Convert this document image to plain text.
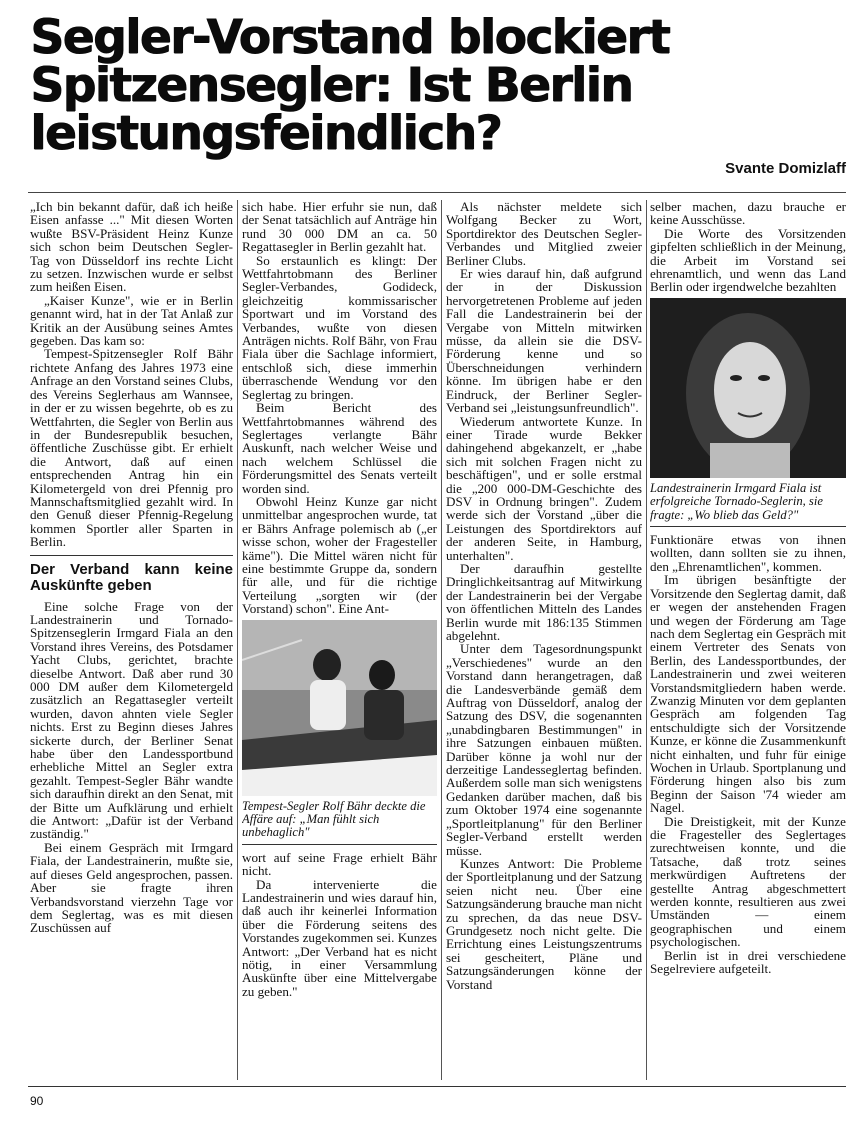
Segler-Vorstand blockiert
Spitzensegler: Ist Berlin
leistungsfeindlich?
Svante Domizlaff

„Ich bin bekannt dafür, daß ich heiße Eisen anfasse ..." Mit diesen Worten wußte BSV-Präsident Heinz Kunze sich schon beim Deutschen Segler-Tag von Düsseldorf ins rechte Licht zu setzen. Inzwischen wurde er selbst zum heißen Eisen.

„Kaiser Kunze", wie er in Berlin genannt wird, hat in der Tat Anlaß zur Kritik an der Ausübung seines Amtes gegeben. Das kam so:

Tempest-Spitzensegler Rolf Bähr richtete Anfang des Jahres 1973 eine Anfrage an den Vorstand seines Clubs, des Vereins Seglerhaus am Wannsee, in der er zu wissen begehrte, ob es zu Wettfahrten, die Segler von Berlin aus in der Bundesrepublik besuchen, öffentliche Zuschüsse gibt. Er erhielt die Antwort, daß auf einen entsprechenden Antrag hin ein Kilometergeld von drei Pfennig pro Mannschaftsmitglied gezahlt wird. In den Genuß dieser Pfennig-Regelung kommen Sportler aller Sparten in Berlin.

Der Verband kann keine Auskünfte geben

Eine solche Frage von der Landestrainerin und Tornado-Spitzenseglerin Irmgard Fiala an den Vorstand ihres Vereins, des Potsdamer Yacht Clubs, gerichtet, brachte dieselbe Antwort. Daß aber rund 30 000 DM außer dem Kilometergeld zusätzlich an Regattasegler verteilt wurden, davon ahnten viele Segler nichts. Erst zu Beginn dieses Jahres sickerte durch, der Berliner Senat habe über den Landessportbund erhebliche Mittel an Segler extra gezahlt. Tempest-Segler Bähr wandte sich daraufhin direkt an den Senat, mit der Bitte um Aufklärung und erhielt die Antwort: „Dafür ist der Verband zuständig."

Bei einem Gespräch mit Irmgard Fiala, der Landestrainerin, mußte sie, auf dieses Geld angesprochen, passen. Aber sie fragte ihren Verbandsvorstand vierzehn Tage vor dem Seglertag, was es mit diesen Zuschüssen auf

sich habe. Hier erfuhr sie nun, daß der Senat tatsächlich auf Anträge hin rund 30 000 DM an ca. 50 Regattasegler in Berlin gezahlt hat.

So erstaunlich es klingt: Der Wettfahrtobmann des Berliner Segler-Verbandes, Godideck, gleichzeitig kommissarischer Sportwart und im Vorstand des Verbandes, wußte von diesen Anträgen nichts. Rolf Bähr, von Frau Fiala über die Sachlage informiert, entschloß sich, diese immerhin überraschende Wendung vor den Seglertag zu bringen.

Beim Bericht des Wettfahrtobmannes während des Seglertages verlangte Bähr Auskunft, nach welcher Weise und nach welchem Schlüssel die Förderungsmittel des Senats verteilt worden sind.

Obwohl Heinz Kunze gar nicht unmittelbar angesprochen wurde, tat er Bährs Anfrage polemisch ab („er wisse schon, woher der Fragesteller käme"). Die Mittel wären nicht für eine bestimmte Gruppe da, sondern für alle, und für die richtige Verteilung „sorgten wir (der Vorstand) schon". Eine Ant-

Tempest-Segler Rolf Bähr deckte die Affäre auf: „Man fühlt sich unbehaglich"

wort auf seine Frage erhielt Bähr nicht.

Da intervenierte die Landestrainerin und wies darauf hin, daß auch ihr keinerlei Information über die Förderung seitens des Vorstandes zugekommen sei. Kunzes Antwort: „Der Verband hat es nicht nötig, in einer Versammlung Auskünfte über eine Mittelvergabe zu geben."

Als nächster meldete sich Wolfgang Becker zu Wort, Sportdirektor des Deutschen Segler-Verbandes und Mitglied zweier Berliner Clubs.

Er wies darauf hin, daß aufgrund der in der Diskussion hervorgetretenen Probleme auf jeden Fall die Landestrainerin bei der Vergabe von Mitteln mitwirken müsse, da allein sie die DSV-Förderung kenne und so Überschneidungen verhindern könne. Im übrigen habe er den Eindruck, der Berliner Segler-Verband sei „leistungsunfreundlich".

Wiederum antwortete Kunze. In einer Tirade wurde Bekker dahingehend abgekanzelt, er „habe sich mit solchen Fragen nicht zu beschäftigen", und er solle erstmal die „200 000-DM-Geschichte des DSV in Ordnung bringen". Zudem werde sich der Vorstand „über die Leistungen des Sportdirektors auf der anderen Seite, in Hamburg, unterhalten".

Der daraufhin gestellte Dringlichkeitsantrag auf Mitwirkung der Landestrainerin bei der Vergabe von öffentlichen Mitteln des Landes Berlin wurde mit 186:135 Stimmen abgelehnt.

Unter dem Tagesordnungspunkt „Verschiedenes" wurde an den Vorstand dann herangetragen, daß die Landesverbände gemäß dem Auftrag von Düsseldorf, analog der Satzung des DSV, die sogenannten „unabdingbaren Bestimmungen" in ihre Satzungen einbauen müßten. Darüber könne ja wohl nur der derzeitige Landesseglertag befinden. Außerdem solle man sich wenigstens Gedanken darüber machen, daß bis zum Oktober 1974 eine sogenannte „Sportleitplanung" für den Berliner Segler-Verband erstellt werden müsse.

Kunzes Antwort: Die Probleme der Sportleitplanung und der Satzung seien nicht neu. Über eine Satzungsänderung brauche man nicht zu sprechen, da das neue DSV-Grundgesetz noch nicht gelte. Die Errichtung eines Leistungszentrums sei gescheitert, Pläne und Satzungsänderungen könne der Vorstand

selber machen, dazu brauche er keine Ausschüsse.

Die Worte des Vorsitzenden gipfelten schließlich in der Meinung, die Arbeit im Vorstand sei ehrenamtlich, und wenn das Land Berlin oder irgendwelche bezahlten

Landestrainerin Irmgard Fiala ist erfolgreiche Tornado-Seglerin, sie fragte: „Wo blieb das Geld?"

Funktionäre etwas von ihnen wollten, dann sollten sie zu ihnen, den „Ehrenamtlichen", kommen.

Im übrigen besänftigte der Vorsitzende den Seglertag damit, daß er wegen der anstehenden Fragen und wegen der Förderung am Tage nach dem Seglertag ein Gespräch mit einem Vertreter des Senats von Berlin, des Landessportbundes, der Landestrainerin und zwei weiteren Vorstandsmitgliedern haben werde. Zwanzig Minuten vor dem geplanten Gespräch am folgenden Tag entschuldigte sich der Vorsitzende Kunze, er könne die Zusammenkunft nicht einhalten, und fuhr für einige Wochen in Urlaub. Sportplanung und Förderung hingen also bis zum Beginn der Saison '74 wieder am Nagel.

Die Dreistigkeit, mit der Kunze die Fragesteller des Seglertages zurechtweisen konnte, und die Tatsache, daß trotz seines merkwürdigen Auftretens der gestellte Antrag abgeschmettert werden konnte, resultieren aus zwei Umständen — einem geographischen und einem psychologischen.

Berlin ist in drei verschiedene Segelreviere aufgeteilt.

90
